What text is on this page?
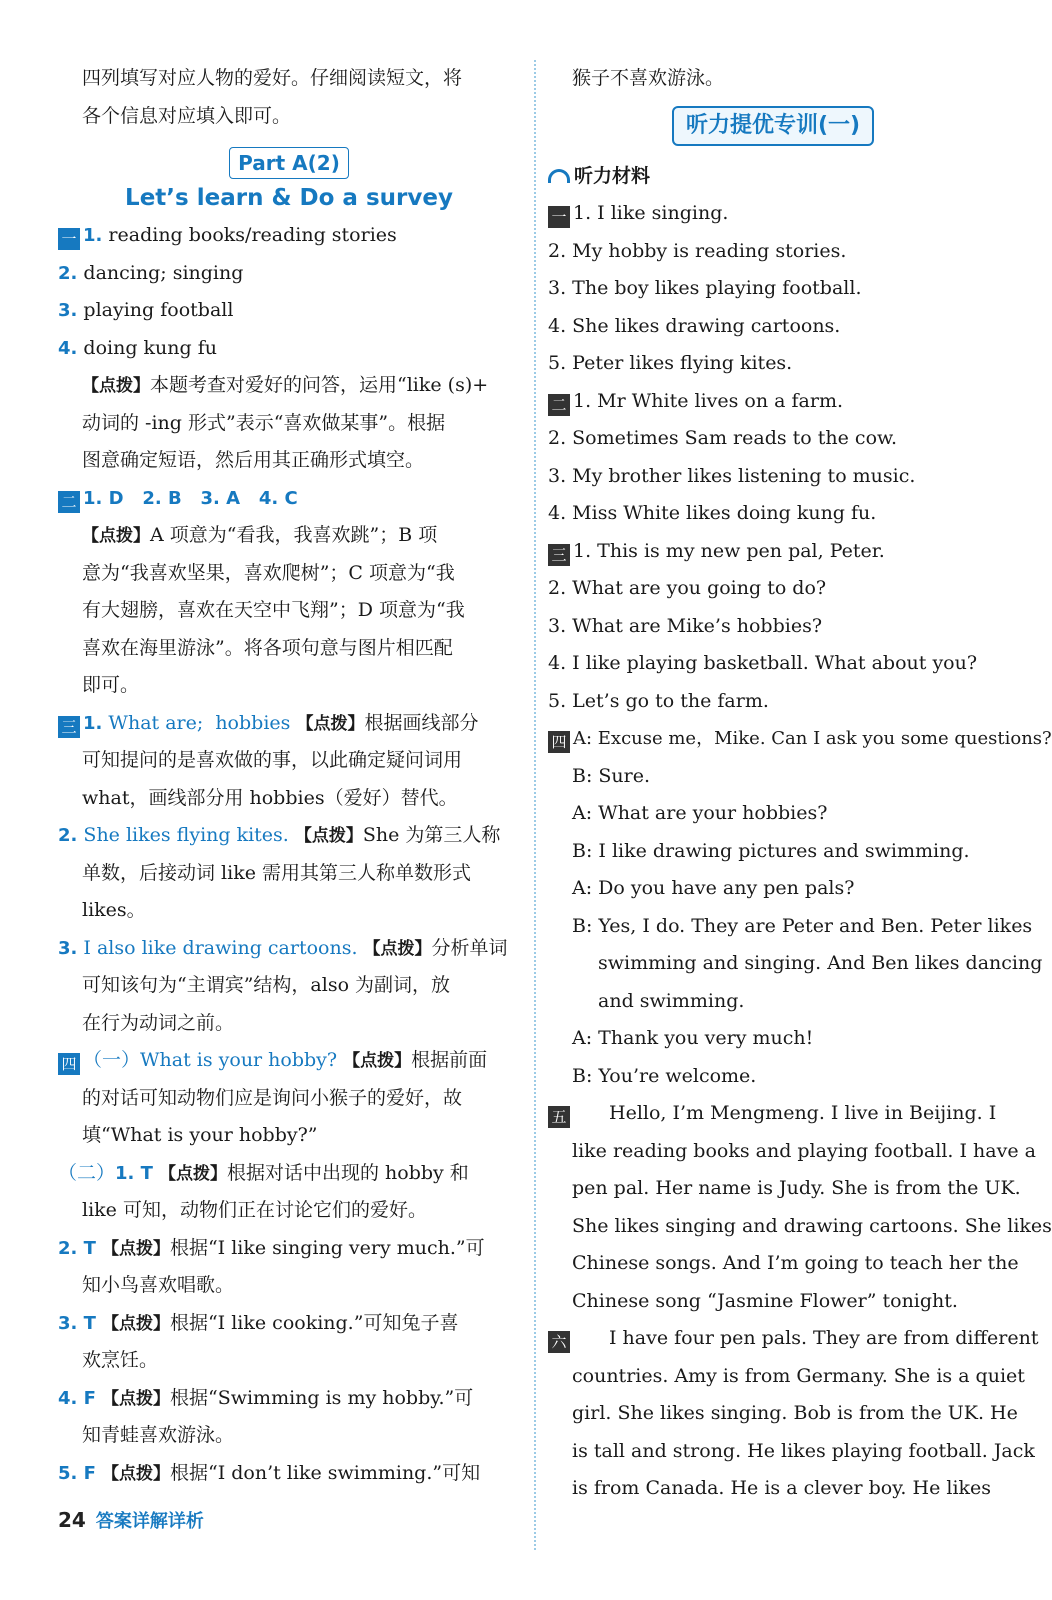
四列填写对应人物的爱好。仔细阅读短文，将
各个信息对应填入即可。
Part A(2)
Let’s learn & Do a survey
一 1. reading books/reading stories
2. dancing; singing
3. playing football
4. doing kung fu
【点拨】本题考查对爱好的问答，运用“like (s)+
动词的 -ing 形式”表示“喜欢做某事”。根据
图意确定短语，然后用其正确形式填空。
二 1. D   2. B   3. A   4. C
【点拨】A 项意为“看我，我喜欢跳”；B 项
意为“我喜欢坚果，喜欢爬树”；C 项意为“我
有大翅膀，喜欢在天空中飞翔”；D 项意为“我
喜欢在海里游泳”。将各项句意与图片相匹配
即可。
三 1. What are;  hobbies 【点拨】根据画线部分
可知提问的是喜欢做的事，以此确定疑问词用
what，画线部分用 hobbies（爱好）替代。
2. She likes flying kites. 【点拨】She 为第三人称
单数，后接动词 like 需用其第三人称单数形式
likes。
3. I also like drawing cartoons. 【点拨】分析单词
可知该句为“主谓宾”结构，also 为副词，放
在行为动词之前。
四 （一）What is your hobby? 【点拨】根据前面
的对话可知动物们应是询问小猴子的爱好，故
填“What is your hobby?”
（二）1. T 【点拨】根据对话中出现的 hobby 和
like 可知，动物们正在讨论它们的爱好。
2. T 【点拨】根据“I like singing very much.”可
知小鸟喜欢唱歌。
3. T 【点拨】根据“I like cooking.”可知兔子喜
欢烹饪。
4. F 【点拨】根据“Swimming is my hobby.”可
知青蛙喜欢游泳。
5. F 【点拨】根据“I don’t like swimming.”可知
猴子不喜欢游泳。
听力提优专训(一)
听力材料
一 1. I like singing.
2. My hobby is reading stories.
3. The boy likes playing football.
4. She likes drawing cartoons.
5. Peter likes flying kites.
二 1. Mr White lives on a farm.
2. Sometimes Sam reads to the cow.
3. My brother likes listening to music.
4. Miss White likes doing kung fu.
三 1. This is my new pen pal, Peter.
2. What are you going to do?
3. What are Mike’s hobbies?
4. I like playing basketball. What about you?
5. Let’s go to the farm.
四 A: Excuse me，Mike. Can I ask you some questions?
B: Sure.
A: What are your hobbies?
B: I like drawing pictures and swimming.
A: Do you have any pen pals?
B: Yes, I do. They are Peter and Ben. Peter likes
swimming and singing. And Ben likes dancing
and swimming.
A: Thank you very much!
B: You’re welcome.
五 Hello, I’m Mengmeng. I live in Beijing. I
like reading books and playing football. I have a
pen pal. Her name is Judy. She is from the UK.
She likes singing and drawing cartoons. She likes
Chinese songs. And I’m going to teach her the
Chinese song “Jasmine Flower” tonight.
六 I have four pen pals. They are from different
countries. Amy is from Germany. She is a quiet
girl. She likes singing. Bob is from the UK. He
is tall and strong. He likes playing football. Jack
is from Canada. He is a clever boy. He likes
24 答案详解详析
